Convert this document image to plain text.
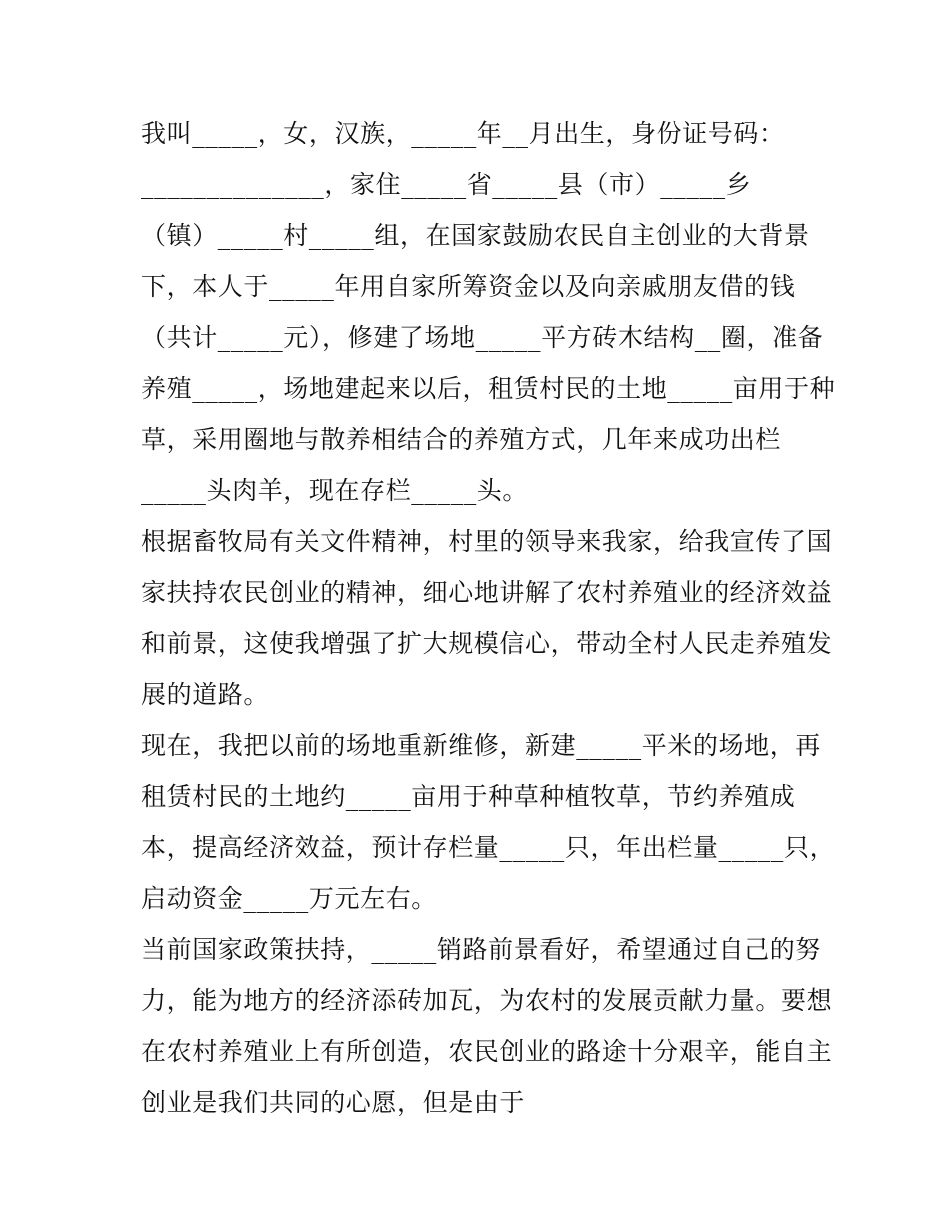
我叫_____，女，汉族，_____年__月出生，身份证号码：
______________，家住_____省_____县（市）_____乡
（镇）_____村_____组，在国家鼓励农民自主创业的大背景
下，本人于_____年用自家所筹资金以及向亲戚朋友借的钱
（共计_____元），修建了场地_____平方砖木结构__圈，准备
养殖_____，场地建起来以后，租赁村民的土地_____亩用于种
草，采用圈地与散养相结合的养殖方式，几年来成功出栏
_____头肉羊，现在存栏_____头。
根据畜牧局有关文件精神，村里的领导来我家，给我宣传了国
家扶持农民创业的精神，细心地讲解了农村养殖业的经济效益
和前景，这使我增强了扩大规模信心，带动全村人民走养殖发
展的道路。
现在，我把以前的场地重新维修，新建_____平米的场地，再
租赁村民的土地约_____亩用于种草种植牧草，节约养殖成
本，提高经济效益，预计存栏量_____只，年出栏量_____只，
启动资金_____万元左右。
当前国家政策扶持，_____销路前景看好，希望通过自己的努
力，能为地方的经济添砖加瓦，为农村的发展贡献力量。要想
在农村养殖业上有所创造，农民创业的路途十分艰辛，能自主
创业是我们共同的心愿，但是由于
